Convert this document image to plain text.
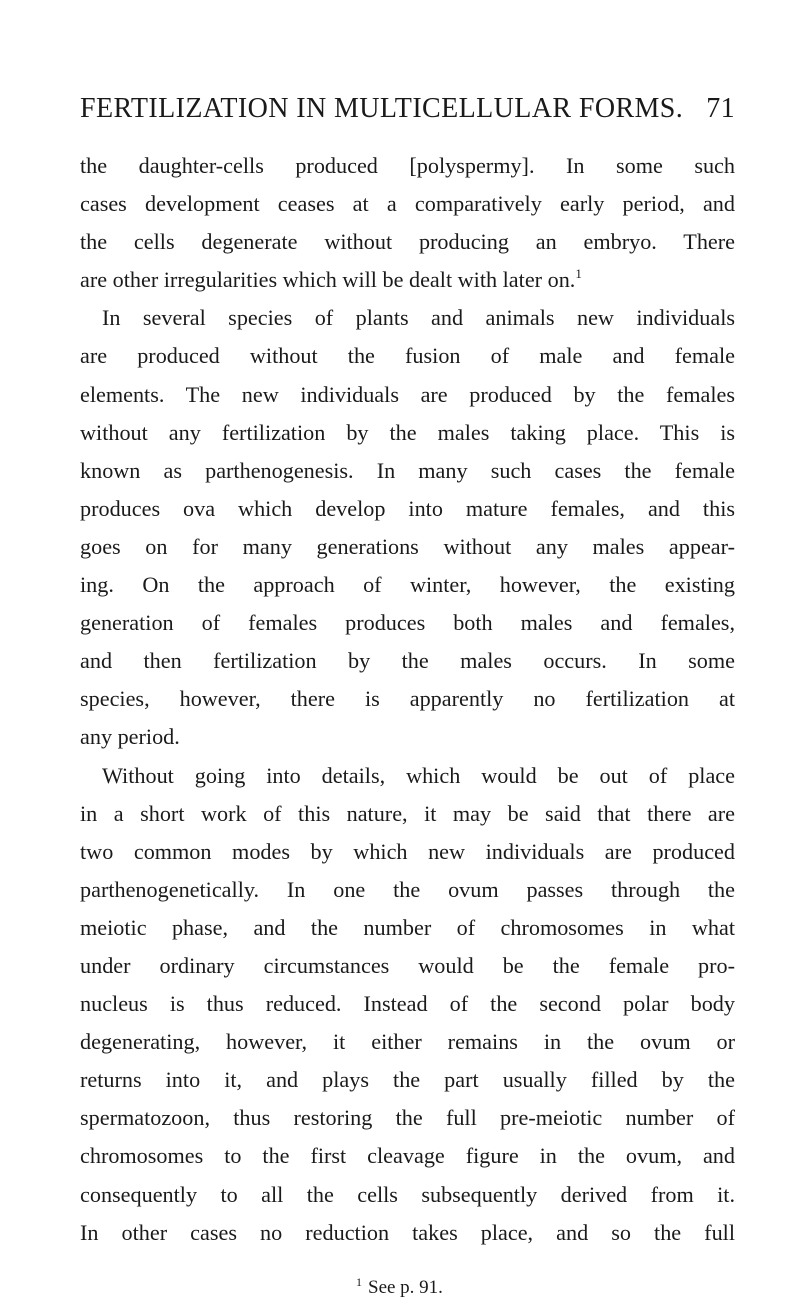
FERTILIZATION IN MULTICELLULAR FORMS. 71
the daughter-cells produced [polyspermy]. In some such
cases development ceases at a comparatively early period, and
the cells degenerate without producing an embryo. There
are other irregularities which will be dealt with later on.$^1$
In several species of plants and animals new individuals
are produced without the fusion of male and female
elements. The new individuals are produced by the females
without any fertilization by the males taking place. This is
known as parthenogenesis. In many such cases the female
produces ova which develop into mature females, and this
goes on for many generations without any males appear-
ing. On the approach of winter, however, the existing
generation of females produces both males and females,
and then fertilization by the males occurs. In some
species, however, there is apparently no fertilization at
any period.
Without going into details, which would be out of place
in a short work of this nature, it may be said that there are
two common modes by which new individuals are produced
parthenogenetically. In one the ovum passes through the
meiotic phase, and the number of chromosomes in what
under ordinary circumstances would be the female pro-
nucleus is thus reduced. Instead of the second polar body
degenerating, however, it either remains in the ovum or
returns into it, and plays the part usually filled by the
spermatozoon, thus restoring the full pre-meiotic number of
chromosomes to the first cleavage figure in the ovum, and
consequently to all the cells subsequently derived from it.
In other cases no reduction takes place, and so the full
$^1$ See p. 91.
